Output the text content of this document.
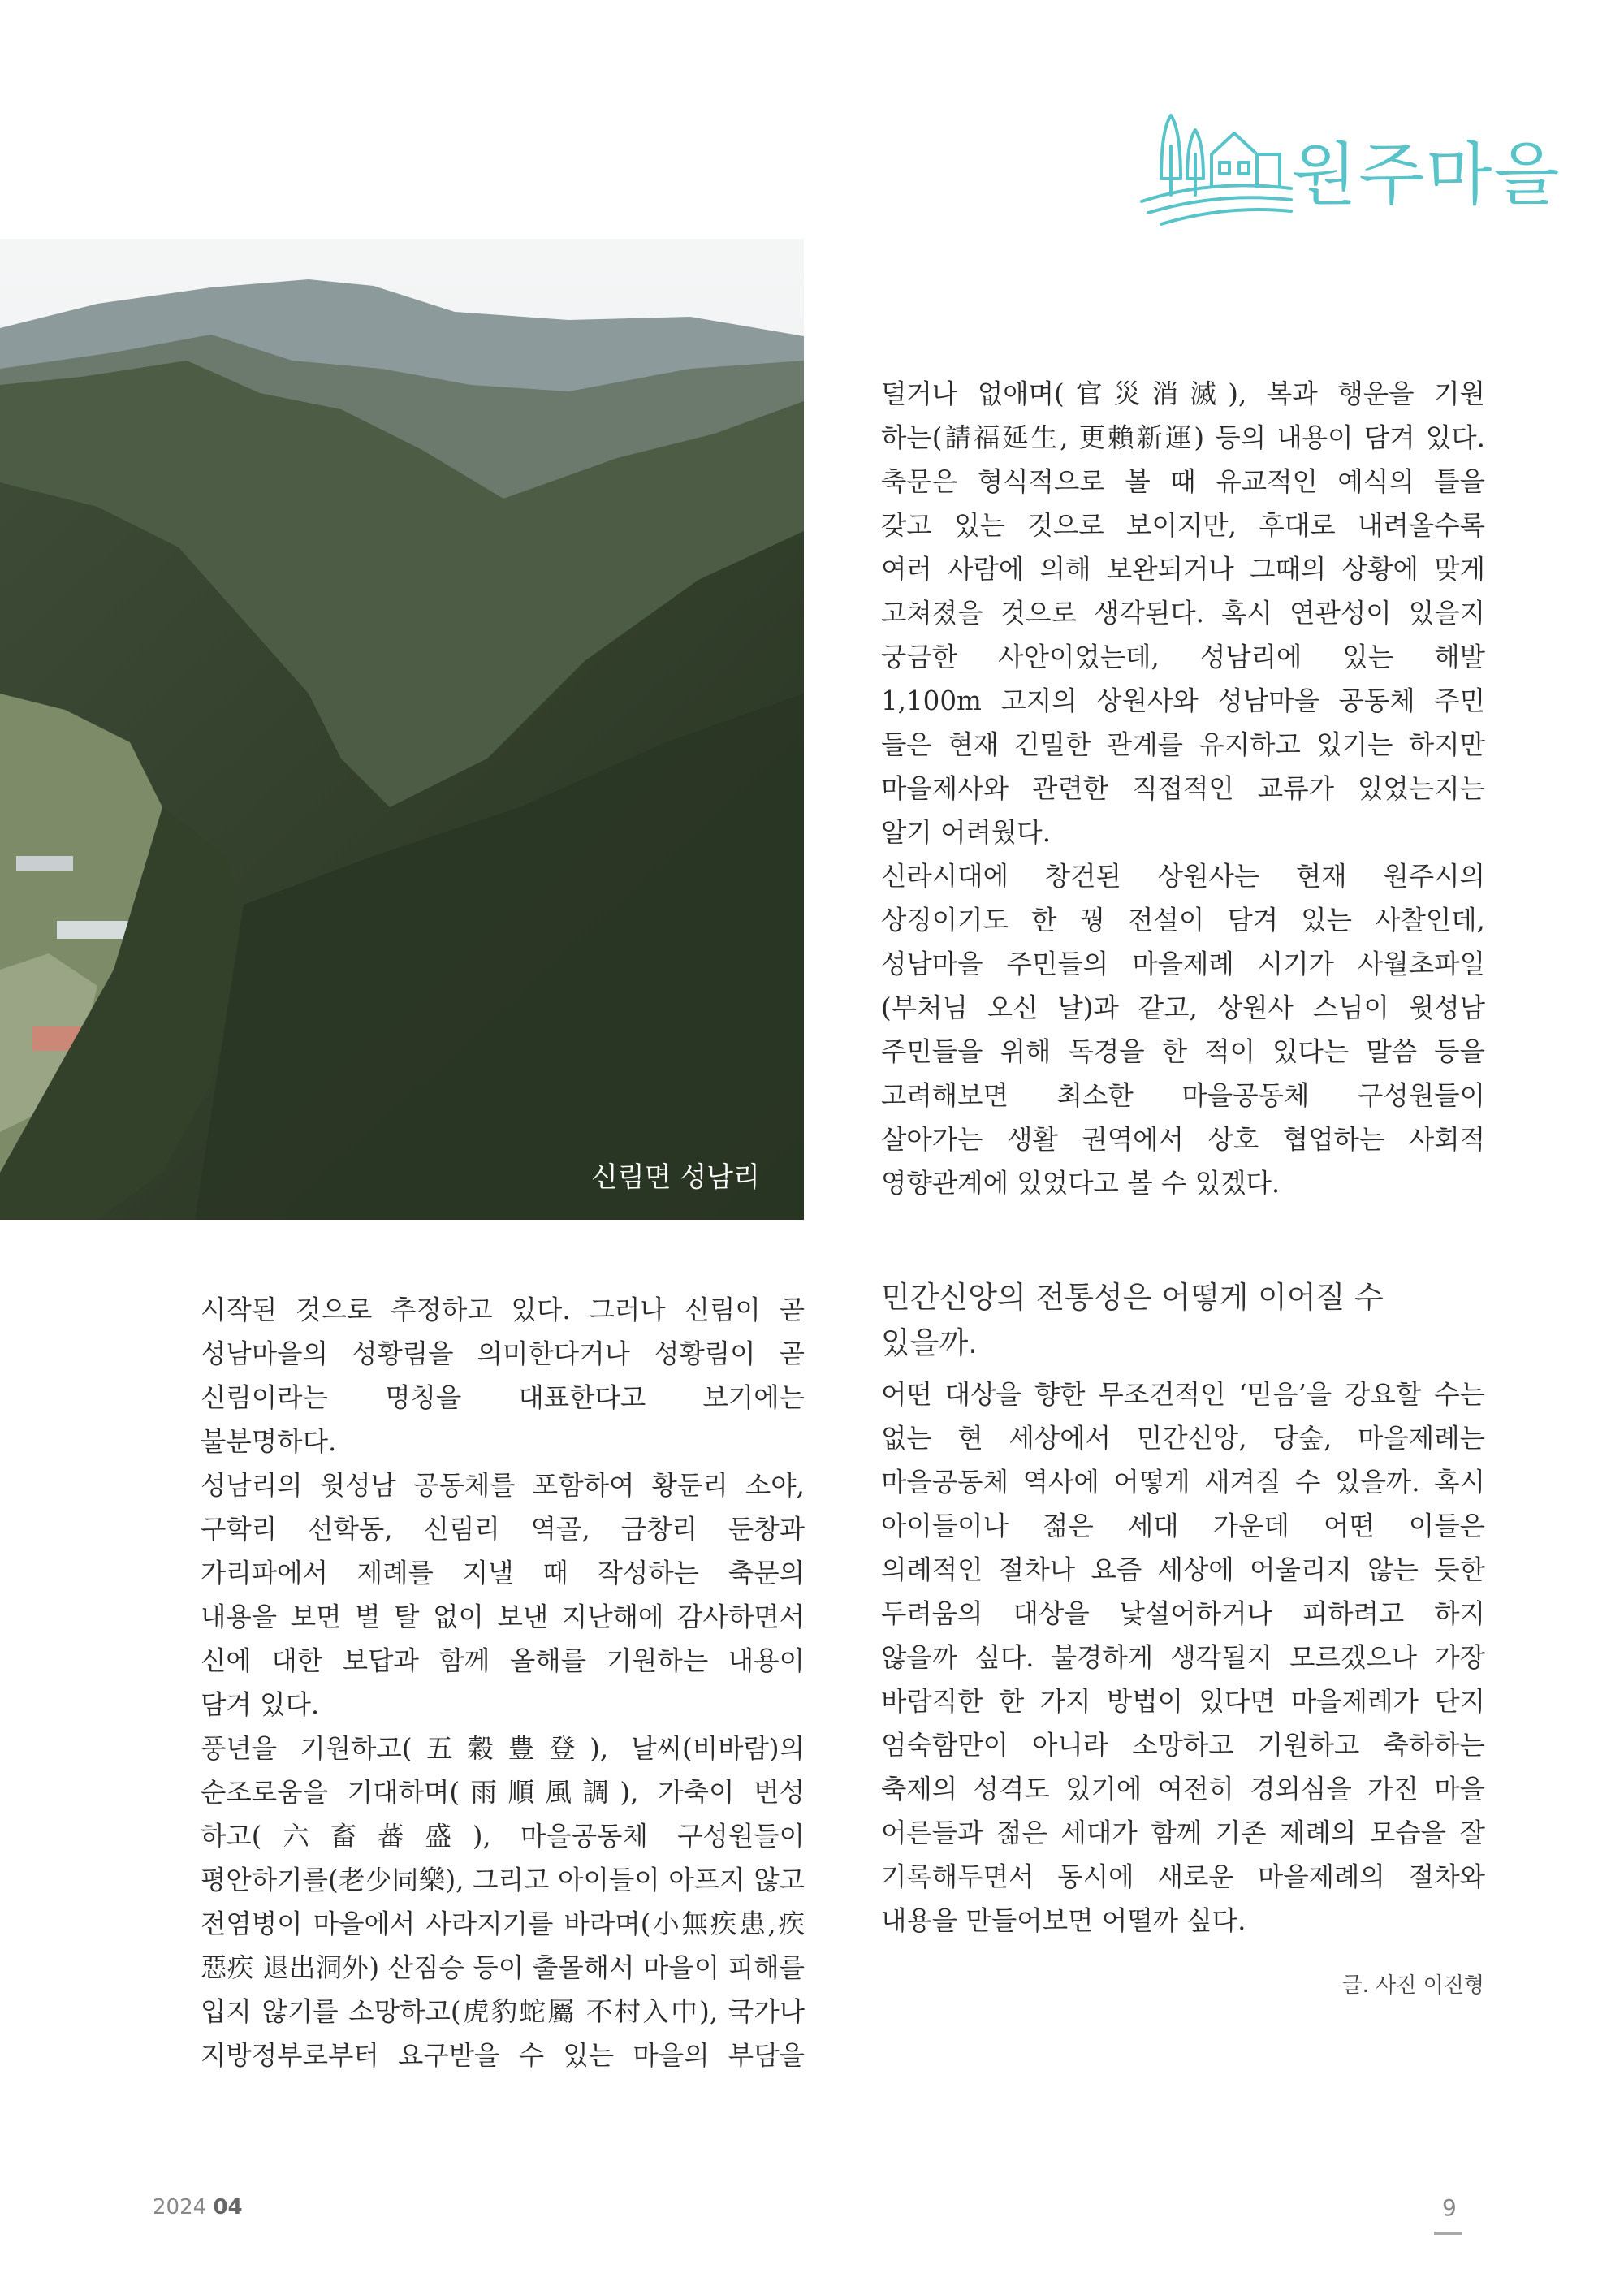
원주마을
신림면 성남리
덜거나 없애며(官災消滅), 복과 행운을 기원
하는(請福延生, 更賴新運) 등의 내용이 담겨 있다.
축문은 형식적으로 볼 때 유교적인 예식의 틀을
갖고 있는 것으로 보이지만, 후대로 내려올수록
여러 사람에 의해 보완되거나 그때의 상황에 맞게
고쳐졌을 것으로 생각된다. 혹시 연관성이 있을지
궁금한 사안이었는데, 성남리에 있는 해발
1,100m 고지의 상원사와 성남마을 공동체 주민
들은 현재 긴밀한 관계를 유지하고 있기는 하지만
마을제사와 관련한 직접적인 교류가 있었는지는
알기 어려웠다.
신라시대에 창건된 상원사는 현재 원주시의
상징이기도 한 꿩 전설이 담겨 있는 사찰인데,
성남마을 주민들의 마을제례 시기가 사월초파일
(부처님 오신 날)과 같고, 상원사 스님이 윗성남
주민들을 위해 독경을 한 적이 있다는 말씀 등을
고려해보면 최소한 마을공동체 구성원들이
살아가는 생활 권역에서 상호 협업하는 사회적
영향관계에 있었다고 볼 수 있겠다.
시작된 것으로 추정하고 있다. 그러나 신림이 곧
성남마을의 성황림을 의미한다거나 성황림이 곧
신림이라는 명칭을 대표한다고 보기에는
불분명하다.
성남리의 윗성남 공동체를 포함하여 황둔리 소야,
구학리 선학동, 신림리 역골, 금창리 둔창과
가리파에서 제례를 지낼 때 작성하는 축문의
내용을 보면 별 탈 없이 보낸 지난해에 감사하면서
신에 대한 보답과 함께 올해를 기원하는 내용이
담겨 있다.
풍년을 기원하고(五穀豊登), 날씨(비바람)의
순조로움을 기대하며(雨順風調), 가축이 번성
하고(六畜蕃盛), 마을공동체 구성원들이
평안하기를(老少同樂), 그리고 아이들이 아프지 않고
전염병이 마을에서 사라지기를 바라며(小無疾患,疾
惡疾 退出洞外) 산짐승 등이 출몰해서 마을이 피해를
입지 않기를 소망하고(虎豹蛇屬 不村入中), 국가나
지방정부로부터 요구받을 수 있는 마을의 부담을
민간신앙의 전통성은 어떻게 이어질 수
있을까.
어떤 대상을 향한 무조건적인 ‘믿음’을 강요할 수는
없는 현 세상에서 민간신앙, 당숲, 마을제례는
마을공동체 역사에 어떻게 새겨질 수 있을까. 혹시
아이들이나 젊은 세대 가운데 어떤 이들은
의례적인 절차나 요즘 세상에 어울리지 않는 듯한
두려움의 대상을 낯설어하거나 피하려고 하지
않을까 싶다. 불경하게 생각될지 모르겠으나 가장
바람직한 한 가지 방법이 있다면 마을제례가 단지
엄숙함만이 아니라 소망하고 기원하고 축하하는
축제의 성격도 있기에 여전히 경외심을 가진 마을
어른들과 젊은 세대가 함께 기존 제례의 모습을 잘
기록해두면서 동시에 새로운 마을제례의 절차와
내용을 만들어보면 어떨까 싶다.
글. 사진 이진형
2024 04	9
